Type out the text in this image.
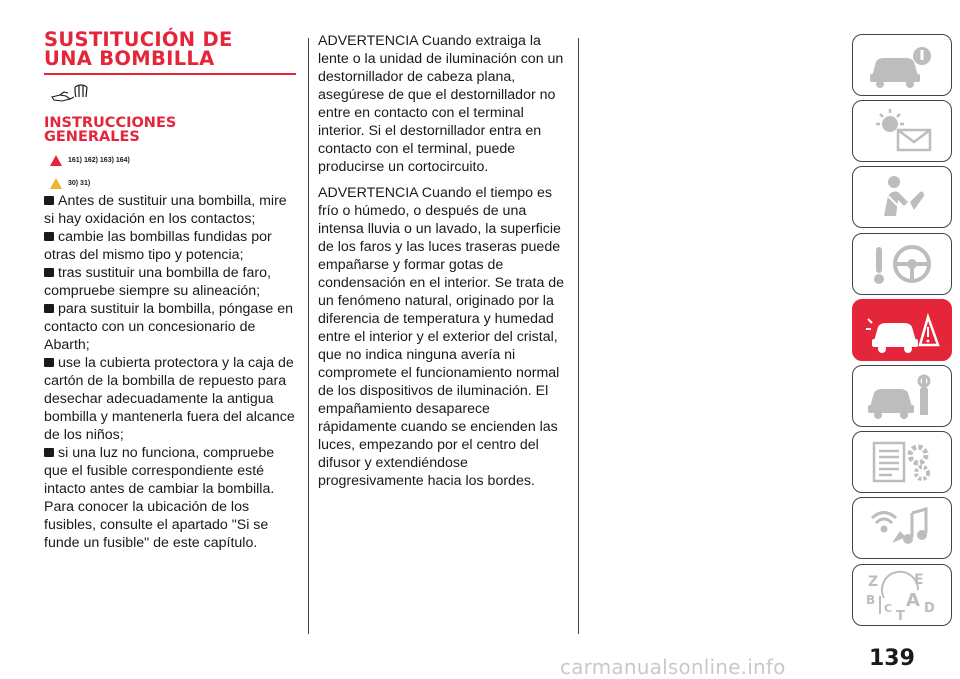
SUSTITUCIÓN DE
UNA BOMBILLA
INSTRUCCIONES
GENERALES
161) 162) 163) 164)
30) 31)

Antes de sustituir una bombilla, mire si hay oxidación en los contactos;

cambie las bombillas fundidas por otras del mismo tipo y potencia;

tras sustituir una bombilla de faro, compruebe siempre su alineación;

para sustituir la bombilla, póngase en contacto con un concesionario de Abarth;

use la cubierta protectora y la caja de cartón de la bombilla de repuesto para desechar adecuadamente la antigua bombilla y mantenerla fuera del alcance de los niños;

si una luz no funciona, compruebe que el fusible correspondiente esté intacto antes de cambiar la bombilla.

Para conocer la ubicación de los fusibles, consulte el apartado "Si se funde un fusible" de este capítulo.

ADVERTENCIA Cuando extraiga la lente o la unidad de iluminación con un destornillador de cabeza plana, asegúrese de que el destornillador no entre en contacto con el terminal interior. Si el destornillador entra en contacto con el terminal, puede producirse un cortocircuito.

ADVERTENCIA Cuando el tiempo es frío o húmedo, o después de una intensa lluvia o un lavado, la superficie de los faros y las luces traseras puede empañarse y formar gotas de condensación en el interior. Se trata de un fenómeno natural, originado por la diferencia de temperatura y humedad entre el interior y el exterior del cristal, que no indica ninguna avería ni compromete el funcionamiento normal de los dispositivos de iluminación. El empañamiento desaparece rápidamente cuando se encienden las luces, empezando por el centro del difusor y extendiéndose progresivamente hacia los bordes.

Z	E
B A
C D
T
Z E B A C D T
carmanualsonline.info	139
